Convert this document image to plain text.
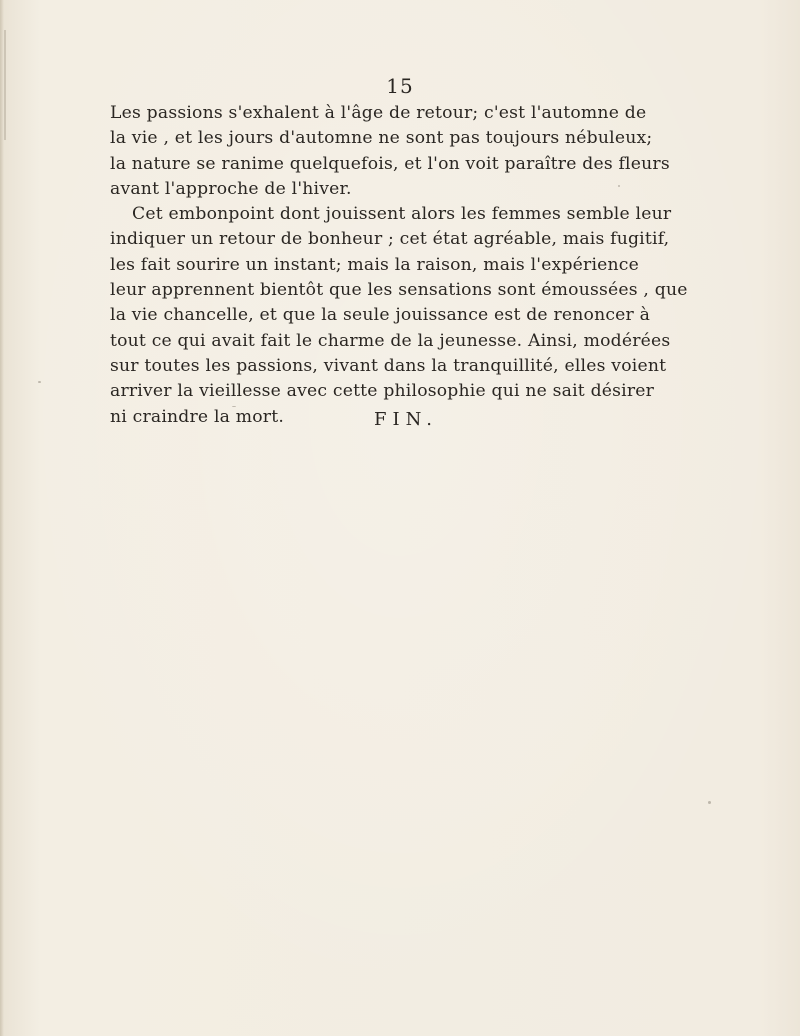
15
Les passions s'exhalent à l'âge de retour; c'est l'automne de
la vie , et les jours d'automne ne sont pas toujours nébuleux;
la nature se ranime quelquefois, et l'on voit paraître des fleurs
avant l'approche de l'hiver.
Cet embonpoint dont jouissent alors les femmes semble leur
indiquer un retour de bonheur ; cet état agréable, mais fugitif,
les fait sourire un instant; mais la raison, mais l'expérience
leur apprennent bientôt que les sensations sont émoussées , que
la vie chancelle, et que la seule jouissance est de renoncer à
tout ce qui avait fait le charme de la jeunesse. Ainsi, modérées
sur toutes les passions, vivant dans la tranquillité, elles voient
arriver la vieillesse avec cette philosophie qui ne sait désirer
ni craindre la mort.	FIN.
